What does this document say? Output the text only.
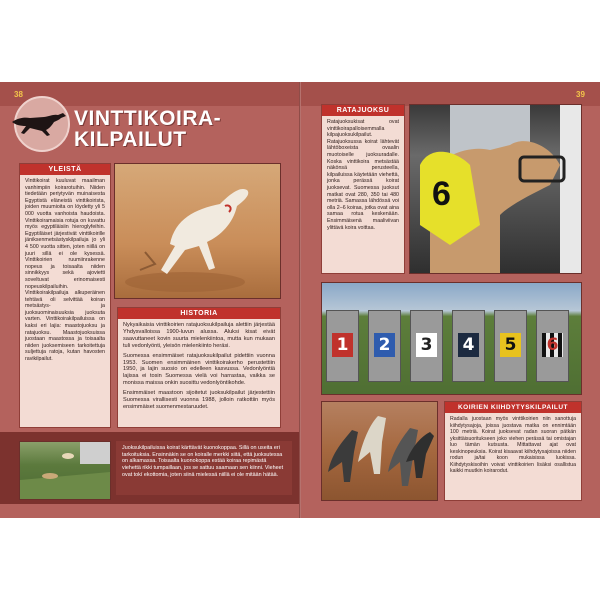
38	39
VINTTIKOIRA-
KILPAILUT
YLEISTÄ
Vinttikoirat kuuluvat maailman vanhimpiin koirarotuihin. Niiden tiedetään periytyvän muinaisesta Egyptistä eläneistä vinttikoirista, joiden muumioita on löydetty yli 5 000 vuotta vanhoista haudoista. Vinttikoiramaisia rotuja on kuvattu myös egyptiläisiin hieroglyfeihin. Egyptiläiset järjestivät vinttikoirille jäniksenmetsästyskilpailuja jo yli 4 500 vuotta sitten, joten niillä on juuri sillä ei ole kysessä. Vinttikoirien ruumiinrakenne nopeus ja toisaalta niiden sinnikkyys sekä ajovietti soveltuvat erinomaisesti nopeuskilpailuihin. Vinttikoirakilpailuja alkuperäinen tehtävä oli selvittää koiran metsästys- ja juoksuominaisuuksia juoksuta varten. Vinttikoirakilpailuissa on kaksi eri lajia: maastojuoksu ja ratajuoksu. Maastojuoksuissa juostaan maastossa ja toisaalta niiden juoksemiseen tarkoitettuja suljettuja ratoja, kutan havosten ravikilpailut.
HISTORIA
Nykyaikaisia vinttikoirien ratajuoksukilpailuja alettiin järjestää Yhdysvalloissa 1900-luvun alussa. Aluksi kisat eivät saavuttaneet kovin suurta mielenkiintoa, mutta kun mukaan tuli vedonlyönti, yleisön mielenkiinto heräsi.
Suomessa ensimmäiset ratajuoksukilpailut pidettiin vuonna 1953. Suomen ensimmäinen vinttikoirakerho perustettiin 1950, ja lajin suosio on edelleen kasvussa. Vedonlyöntiä lajissa ei tosin Suomessa vielä voi harrastaa, vaikka se monissa maissa onkin suosittu vedonlyöntikohde.
Ensimmäiset maastoon sijoitetut juoksukilpailut järjestettiin Suomessa virallisesti vuonna 1988, jolloin ratkottiin myös ensimmäiset suomenmestaruudet.
Juoksukilpailuissa koirat kärttävät kuonokoppaa. Sillä on useita eri tarkoituksia. Ensinnäkin se on koiralle merkki siitä, että juoksutessa on alkamassa. Toisaalta kuonokoppa estää koiraa repimästä viehettä rikki tumpaillaan, jos se sattuu saamaan sen kiinni. Vieheet ovat tokí ekottomia, joten siinä mielessä niillä ei ole mitään hätää.
RATAJUOKSU
Ratajuoksukisat ovat vinttikoirapalloisemmalla kilpajuoksukilpailut. Ratajuoksussa koirat lähtevät lähtöboxeista ovaalin muotoiselle juoksuradalle. Koska vinttikoira metsästää näkönsä perusteella, kilpailuissa käytetään viehettä, jonka perässä koirat juoksevat. Suomessa juoksut matkat ovat 280, 350 tai 480 metriä. Samassa lähdössä voi olla 2–6 koiraa, jotka ovat aina samaa rotua keskenään. Ensimmäisenä maaliviivan ylittävä koira voittaa.
6
1 2 3 4 5 6
KOIRIEN KIIHDYTYSKILPAILUT
Radalla juostaan myös vinttikoirien niin sanottuja kiihdytysajoja, joissa juostava matka on ennimtään 100 metriä. Koirat juoksevat radan suoran pätkän yksittäisuoritukseen joko viehen perässä tai omistajan luo tämän kutsusta. Mittattavat ajat ovat keskinopeuksia. Koirat kisaavat kiihdytysajoissa niiden rodun ja/tai koon mukaisissa luokissa. Kiihdytyskisoihin voivat vinttikoirien lisäksi osallistua kaikki muutkin koirarodut.
